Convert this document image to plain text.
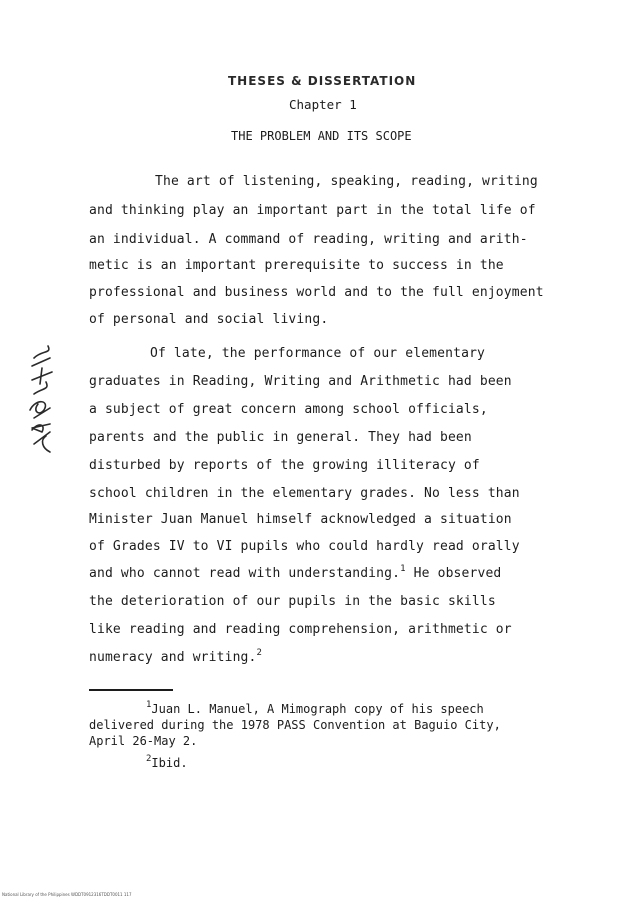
THESES & DISSERTATION
Chapter 1
THE PROBLEM AND ITS SCOPE
The art of listening, speaking, reading, writing
and thinking play an important part in the total life of
an individual. A command of reading, writing and arith-
metic is an important prerequisite to success in the
professional and business world and to the full enjoyment
of personal and social living.
Of late, the performance of our elementary
graduates in Reading, Writing and Arithmetic had been
a subject of great concern among school officials,
parents and the public in general. They had been
disturbed by reports of the growing illiteracy of
school children in the elementary grades. No less than
Minister Juan Manuel himself acknowledged a situation
of Grades IV to VI pupils who could hardly read orally
and who cannot read with understanding.$^1$ He observed
the deterioration of our pupils in the basic skills
like reading and reading comprehension, arithmetic or
numeracy and writing.$^2$
$^1$Juan L. Manuel, A Mimograph copy of his speech
delivered during the 1978 PASS Convention at Baguio City,
April 26-May 2.
$^2$Ibid.
National Library of the Philippines WDDT0912316TDDT0011 117
